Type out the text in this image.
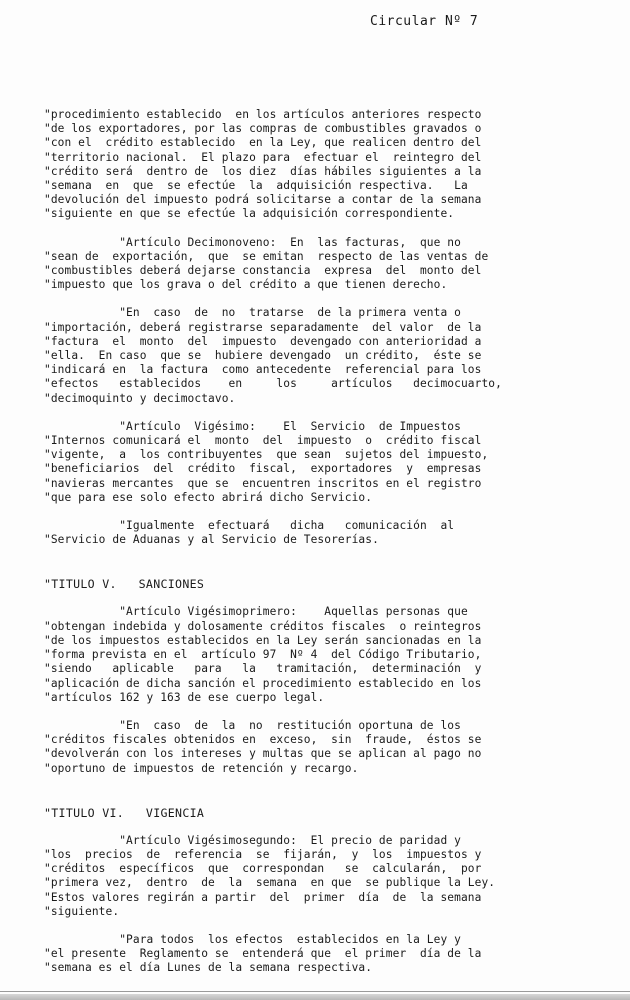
Circular Nº 7
"procedimiento establecido  en los artículos anteriores respecto
"de los exportadores, por las compras de combustibles gravados o
"con el  crédito establecido  en la Ley, que realicen dentro del
"territorio nacional.  El plazo para  efectuar el  reintegro del
"crédito será  dentro de  los diez  días hábiles siguientes a la
"semana  en  que  se efectúe  la  adquisición respectiva.   La
"devolución del impuesto podrá solicitarse a contar de la semana
"siguiente en que se efectúe la adquisición correspondiente.
"Artículo Decimonoveno:  En  las facturas,  que no
"sean de  exportación,  que  se emitan  respecto de las ventas de
"combustibles deberá dejarse constancia  expresa  del  monto del
"impuesto que los grava o del crédito a que tienen derecho.
"En  caso  de  no  tratarse  de la primera venta o
"importación, deberá registrarse separadamente  del valor  de la
"factura  el  monto  del  impuesto  devengado con anterioridad a
"ella.  En caso  que se  hubiere devengado  un crédito,  éste se
"indicará en  la factura  como antecedente  referencial para los
"efectos   establecidos    en     los     artículos   decimocuarto,
"decimoquinto y decimoctavo.
"Artículo  Vigésimo:    El  Servicio  de Impuestos
"Internos comunicará el  monto  del  impuesto  o  crédito fiscal
"vigente,  a  los contribuyentes  que sean  sujetos del impuesto,
"beneficiarios  del  crédito  fiscal,  exportadores  y  empresas
"navieras mercantes  que se  encuentren inscritos en el registro
"que para ese solo efecto abrirá dicho Servicio.
"Igualmente  efectuará   dicha   comunicación  al
"Servicio de Aduanas y al Servicio de Tesorerías.
"TITULO V.   SANCIONES
"Artículo Vigésimoprimero:    Aquellas personas que
"obtengan indebida y dolosamente créditos fiscales  o reintegros
"de los impuestos establecidos en la Ley serán sancionadas en la
"forma prevista en el  artículo 97  Nº 4  del Código Tributario,
"siendo   aplicable   para   la   tramitación,  determinación  y
"aplicación de dicha sanción el procedimiento establecido en los
"artículos 162 y 163 de ese cuerpo legal.
"En  caso  de  la  no  restitución oportuna de los
"créditos fiscales obtenidos en  exceso,  sin  fraude,  éstos se
"devolverán con los intereses y multas que se aplican al pago no
"oportuno de impuestos de retención y recargo.
"TITULO VI.   VIGENCIA
"Artículo Vigésimosegundo:  El precio de paridad y
"los  precios  de  referencia  se  fijarán,  y  los  impuestos y
"créditos  específicos  que  correspondan   se  calcularán,  por
"primera vez,  dentro  de  la  semana  en que  se publique la Ley.
"Estos valores regirán a partir  del  primer  día  de  la semana
"siguiente.
"Para todos  los efectos  establecidos en la Ley y
"el presente  Reglamento se  entenderá que  el primer  día de la
"semana es el día Lunes de la semana respectiva.
